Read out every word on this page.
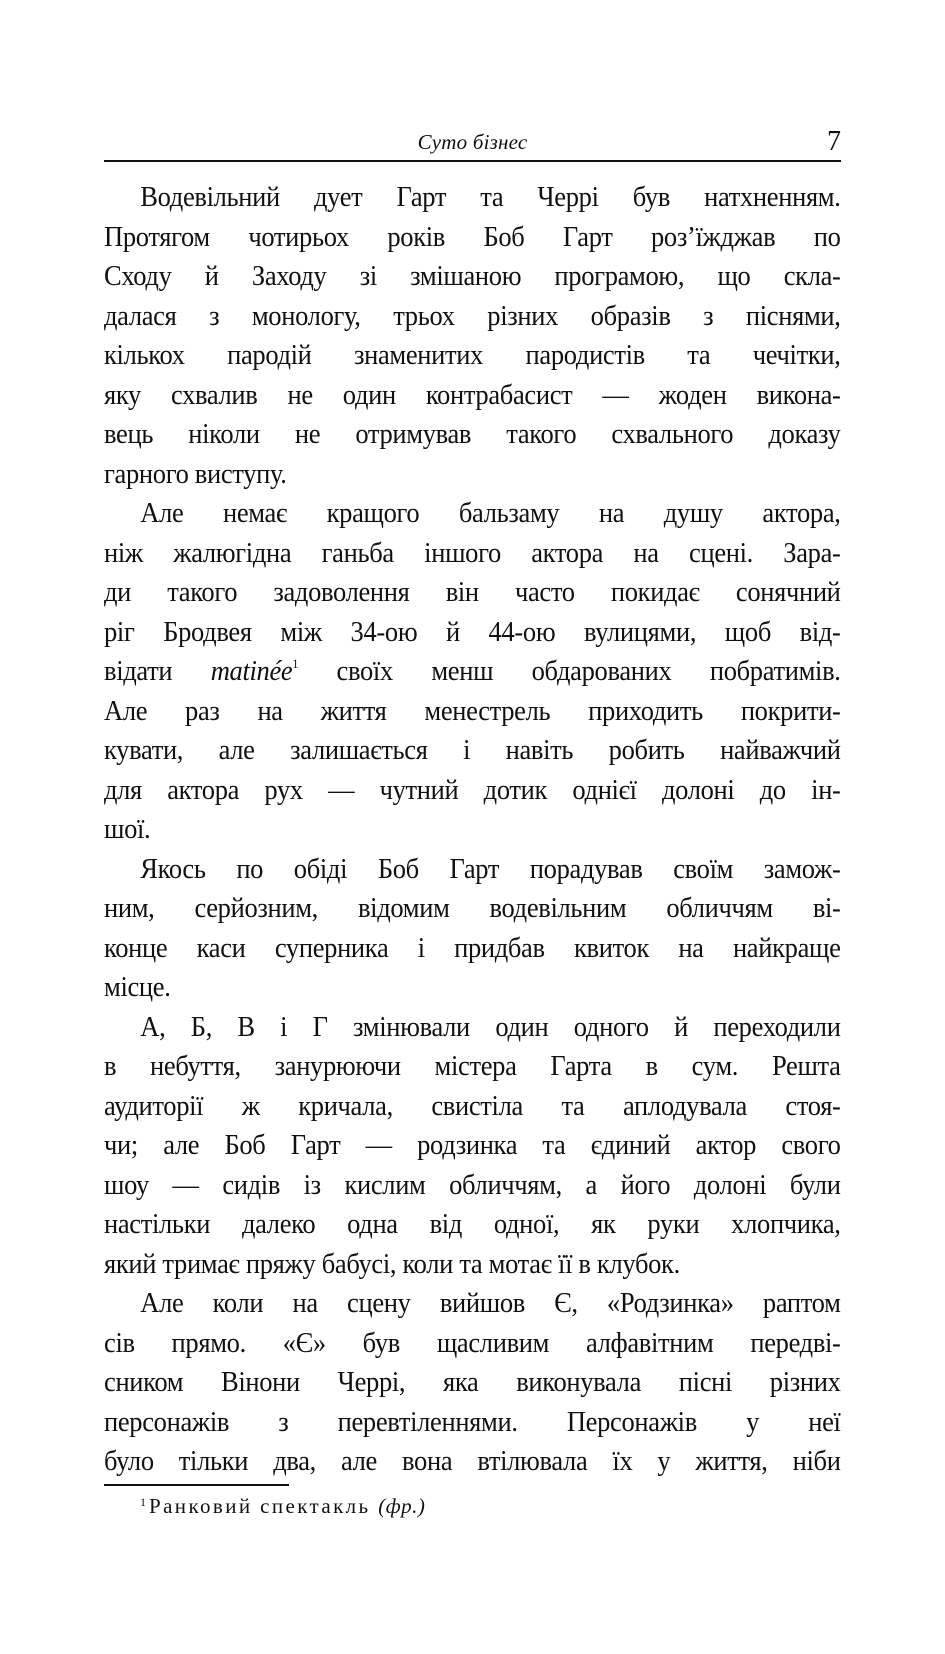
Суто бізнес	7
Водевільний дует Гарт та Черрі був натхненням.
Протягом чотирьох років Боб Гарт роз’їжджав по
Сходу й Заходу зі змішаною програмою, що скла-
далася з монологу, трьох різних образів з піснями,
кількох пародій знаменитих пародистів та чечітки,
яку схвалив не один контрабасист — жоден викона-
вець ніколи не отримував такого схвального доказу
гарного виступу.
Але немає кращого бальзаму на душу актора,
ніж жалюгідна ганьба іншого актора на сцені. Зара-
ди такого задоволення він часто покидає сонячний
ріг Бродвея між 34-ою й 44-ою вулицями, щоб від-
відати matinée$^1$ своїх менш обдарованих побратимів.
Але раз на життя менестрель приходить покрити-
кувати, але залишається і навіть робить найважчий
для актора рух — чутний дотик однієї долоні до ін-
шої.
Якось по обіді Боб Гарт порадував своїм замож-
ним, серйозним, відомим водевільним обличчям ві-
конце каси суперника і придбав квиток на найкраще
місце.
А, Б, В і Г змінювали один одного й переходили
в небуття, занурюючи містера Гарта в сум. Решта
аудиторії ж кричала, свистіла та аплодувала стоя-
чи; але Боб Гарт — родзинка та єдиний актор свого
шоу — сидів із кислим обличчям, а його долоні були
настільки далеко одна від одної, як руки хлопчика,
який тримає пряжу бабусі, коли та мотає її в клубок.
Але коли на сцену вийшов Є, «Родзинка» раптом
сів прямо. «Є» був щасливим алфавітним передві-
сником Вінони Черрі, яка виконувала пісні різних
персонажів з перевтіленнями. Персонажів у неї
було тільки два, але вона втілювала їх у життя, ніби
$^1$ Ранковий спектакль (фр.)
